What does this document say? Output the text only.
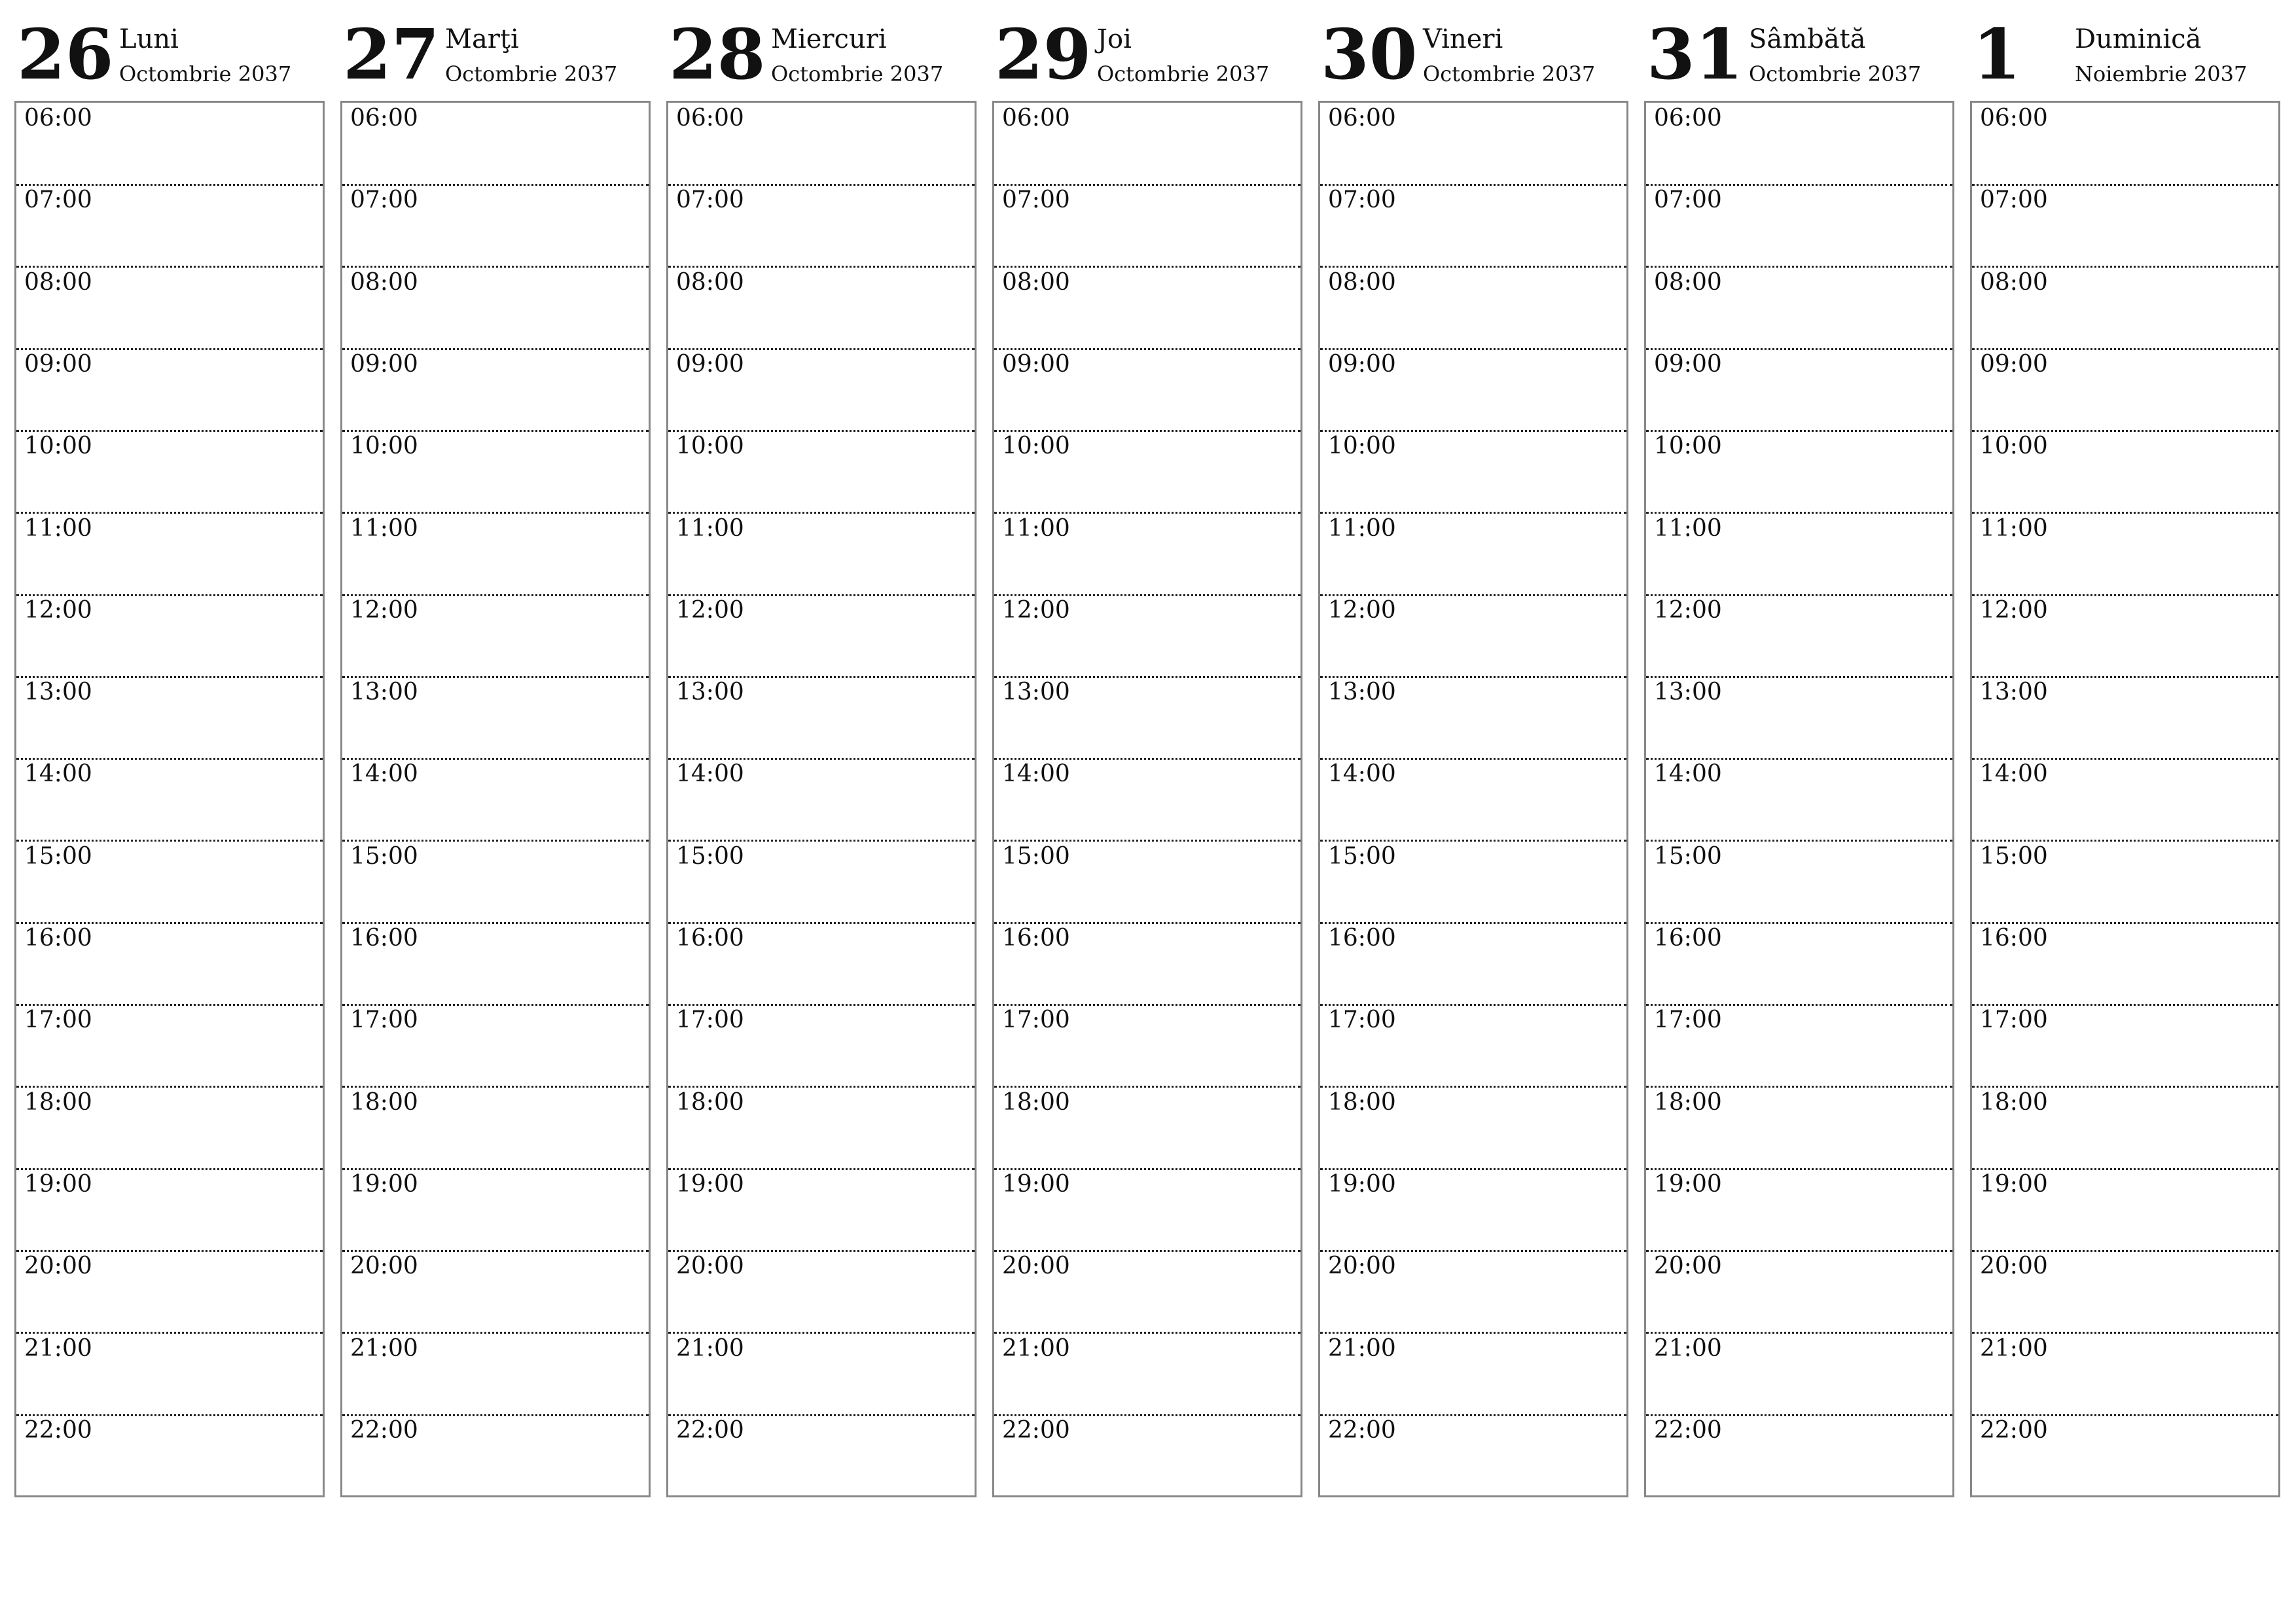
26 Luni
Octombrie 2037
06:00
07:00
08:00
09:00
10:00
11:00
12:00
13:00
14:00
15:00
16:00
17:00
18:00
19:00
20:00
21:00
22:00
27 Marţi
Octombrie 2037
06:00
07:00
08:00
09:00
10:00
11:00
12:00
13:00
14:00
15:00
16:00
17:00
18:00
19:00
20:00
21:00
22:00
28 Miercuri
Octombrie 2037
06:00
07:00
08:00
09:00
10:00
11:00
12:00
13:00
14:00
15:00
16:00
17:00
18:00
19:00
20:00
21:00
22:00
29 Joi
Octombrie 2037
06:00
07:00
08:00
09:00
10:00
11:00
12:00
13:00
14:00
15:00
16:00
17:00
18:00
19:00
20:00
21:00
22:00
30 Vineri
Octombrie 2037
06:00
07:00
08:00
09:00
10:00
11:00
12:00
13:00
14:00
15:00
16:00
17:00
18:00
19:00
20:00
21:00
22:00
31 Sâmbătă
Octombrie 2037
06:00
07:00
08:00
09:00
10:00
11:00
12:00
13:00
14:00
15:00
16:00
17:00
18:00
19:00
20:00
21:00
22:00
1 Duminică
Noiembrie 2037
06:00
07:00
08:00
09:00
10:00
11:00
12:00
13:00
14:00
15:00
16:00
17:00
18:00
19:00
20:00
21:00
22:00
